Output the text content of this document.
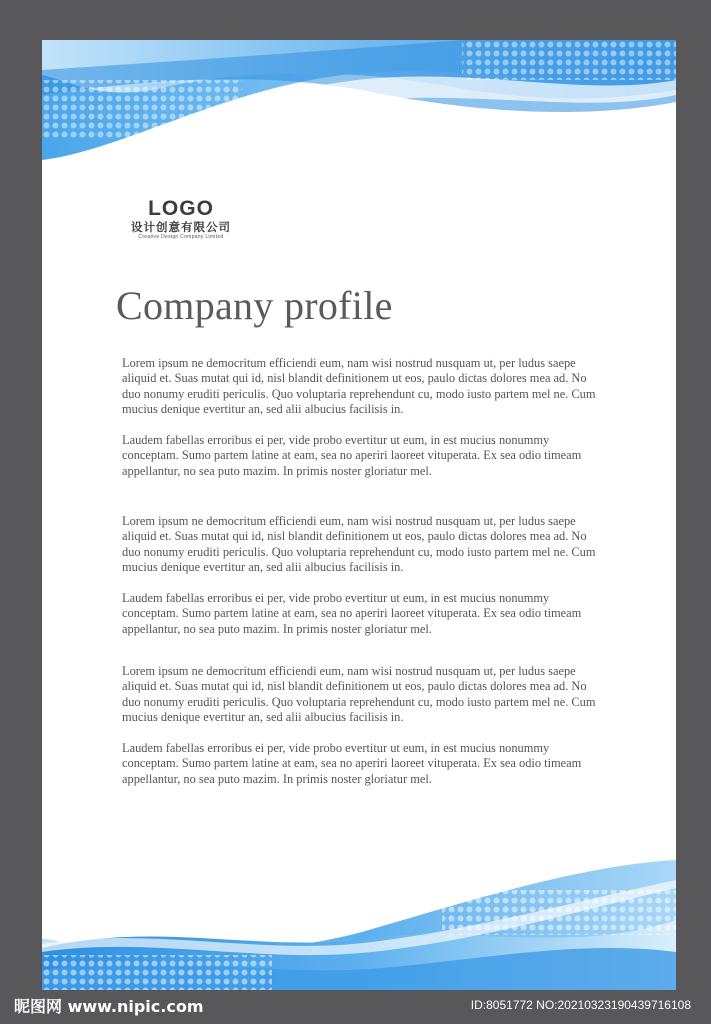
LOGO
设计创意有限公司
Creative Design Company Limited
Company profile

Lorem ipsum ne democritum efficiendi eum, nam wisi nostrud nusquam ut, per ludus saepe aliquid et. Suas mutat qui id, nisl blandit definitionem ut eos, paulo dictas dolores mea ad. No duo nonumy eruditi periculis. Quo voluptaria reprehendunt cu, modo iusto partem mel ne. Cum mucius denique evertitur an, sed alii albucius facilisis in.

Laudem fabellas erroribus ei per, vide probo evertitur ut eum, in est mucius nonummy conceptam. Sumo partem latine at eam, sea no aperiri laoreet vituperata. Ex sea odio timeam appellantur, no sea puto mazim. In primis noster gloriatur mel.

Lorem ipsum ne democritum efficiendi eum, nam wisi nostrud nusquam ut, per ludus saepe aliquid et. Suas mutat qui id, nisl blandit definitionem ut eos, paulo dictas dolores mea ad. No duo nonumy eruditi periculis. Quo voluptaria reprehendunt cu, modo iusto partem mel ne. Cum mucius denique evertitur an, sed alii albucius facilisis in.

Laudem fabellas erroribus ei per, vide probo evertitur ut eum, in est mucius nonummy conceptam. Sumo partem latine at eam, sea no aperiri laoreet vituperata. Ex sea odio timeam appellantur, no sea puto mazim. In primis noster gloriatur mel.

Lorem ipsum ne democritum efficiendi eum, nam wisi nostrud nusquam ut, per ludus saepe aliquid et. Suas mutat qui id, nisl blandit definitionem ut eos, paulo dictas dolores mea ad. No duo nonumy eruditi periculis. Quo voluptaria reprehendunt cu, modo iusto partem mel ne. Cum mucius denique evertitur an, sed alii albucius facilisis in.

Laudem fabellas erroribus ei per, vide probo evertitur ut eum, in est mucius nonummy conceptam. Sumo partem latine at eam, sea no aperiri laoreet vituperata. Ex sea odio timeam appellantur, no sea puto mazim. In primis noster gloriatur mel.

昵图网 www.nipic.com	ID:8051772 NO:20210323190439716108
